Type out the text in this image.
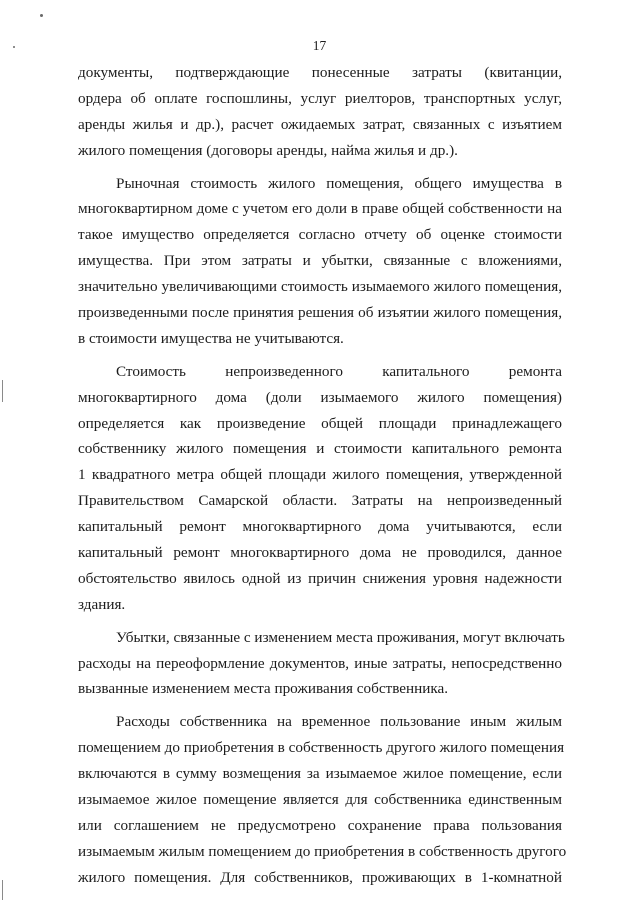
17
документы, подтверждающие понесенные затраты (квитанции,
ордера об оплате госпошлины, услуг риелторов, транспортных услуг,
аренды жилья и др.), расчет ожидаемых затрат, связанных с изъятием
жилого помещения (договоры аренды, найма жилья и др.).
Рыночная стоимость жилого помещения, общего имущества в
многоквартирном доме с учетом его доли в праве общей собственности на
такое имущество определяется согласно отчету об оценке стоимости
имущества. При этом затраты и убытки, связанные с вложениями,
значительно увеличивающими стоимость изымаемого жилого помещения,
произведенными после принятия решения об изъятии жилого помещения,
в стоимости имущества не учитываются.
Стоимость непроизведенного капитального ремонта
многоквартирного дома (доли изымаемого жилого помещения)
определяется как произведение общей площади принадлежащего
собственнику жилого помещения и стоимости капитального ремонта
1 квадратного метра общей площади жилого помещения, утвержденной
Правительством Самарской области. Затраты на непроизведенный
капитальный ремонт многоквартирного дома учитываются, если
капитальный ремонт многоквартирного дома не проводился, данное
обстоятельство явилось одной из причин снижения уровня надежности
здания.
Убытки, связанные с изменением места проживания, могут включать
расходы на переоформление документов, иные затраты, непосредственно
вызванные изменением места проживания собственника.
Расходы собственника на временное пользование иным жилым
помещением до приобретения в собственность другого жилого помещения
включаются в сумму возмещения за изымаемое жилое помещение, если
изымаемое жилое помещение является для собственника единственным
или соглашением не предусмотрено сохранение права пользования
изымаемым жилым помещением до приобретения в собственность другого
жилого помещения. Для собственников, проживающих в 1-комнатной
